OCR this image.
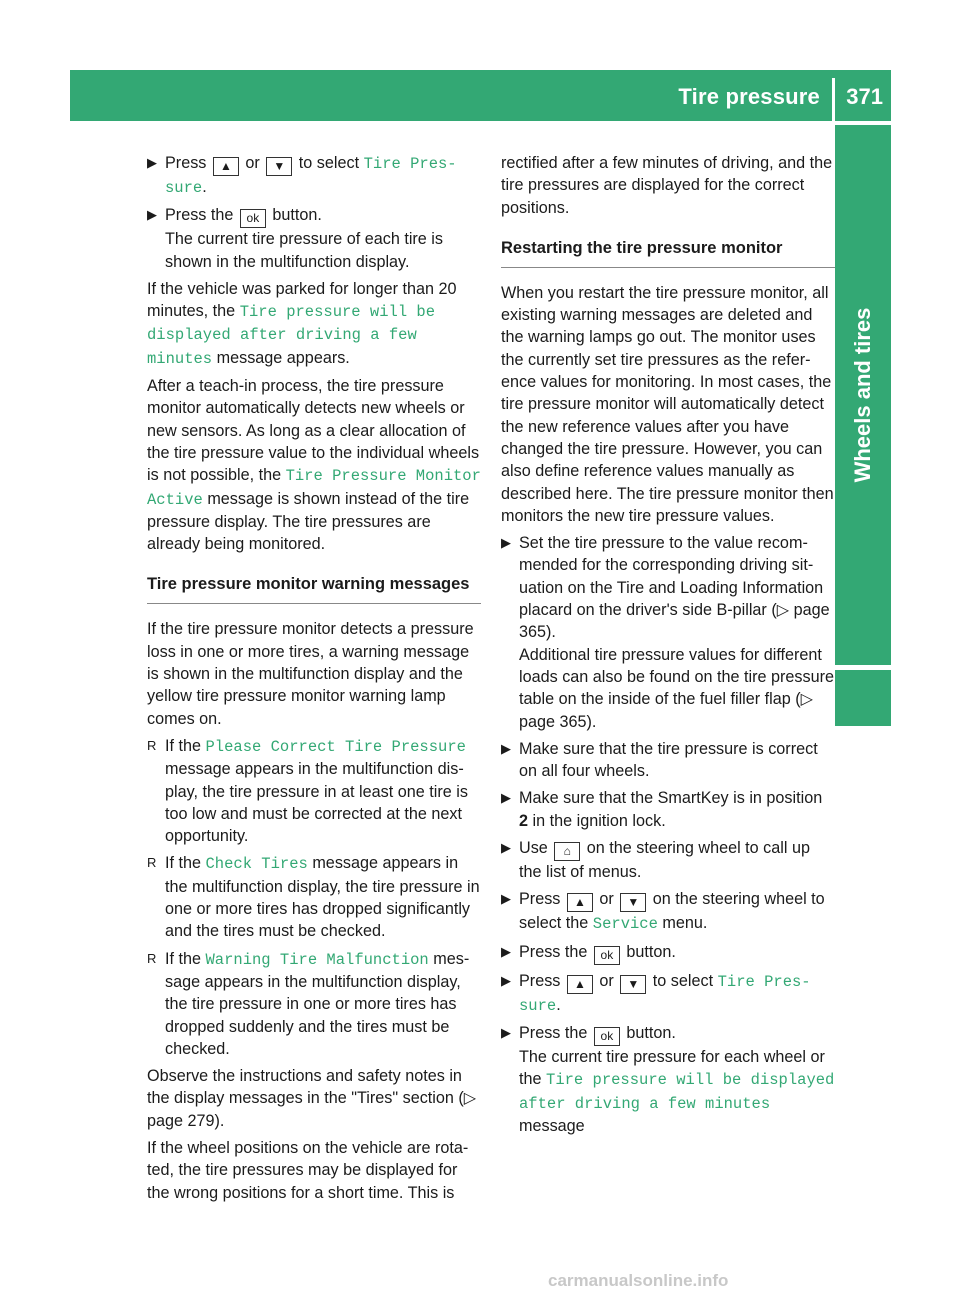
Tire pressure 371
Wheels and tires
▶ Press ▲ or ▼ to select Tire Pres‐ sure.
▶ Press the ok button.
The current tire pressure of each tire is shown in the multifunction display.

If the vehicle was parked for longer than 20 minutes, the Tire pressure will be displayed after driving a few minutes message appears.

After a teach-in process, the tire pressure monitor automatically detects new wheels or new sensors. As long as a clear allocation of the tire pressure value to the individual wheels is not possible, the Tire Pressure Monitor Active message is shown instead of the tire pressure display. The tire pressures are already being monitored.

Tire pressure monitor warning messages

If the tire pressure monitor detects a pressure loss in one or more tires, a warning message is shown in the multifunction display and the yellow tire pressure monitor warning lamp comes on.

R If the Please Correct Tire Pressure message appears in the multifunction display, the tire pressure in at least one tire is too low and must be corrected at the next opportunity.
R If the Check Tires message appears in the multifunction display, the tire pressure in one or more tires has dropped significantly and the tires must be checked.
R If the Warning Tire Malfunction message appears in the multifunction display, the tire pressure in one or more tires has dropped suddenly and the tires must be checked.

Observe the instructions and safety notes in the display messages in the "Tires" section (▷ page 279).

If the wheel positions on the vehicle are rotated, the tire pressures may be displayed for the wrong positions for a short time. This is

rectified after a few minutes of driving, and the tire pressures are displayed for the correct positions.

Restarting the tire pressure monitor

When you restart the tire pressure monitor, all existing warning messages are deleted and the warning lamps go out. The monitor uses the currently set tire pressures as the reference values for monitoring. In most cases, the tire pressure monitor will automatically detect the new reference values after you have changed the tire pressure. However, you can also define reference values manually as described here. The tire pressure monitor then monitors the new tire pressure values.

▶ Set the tire pressure to the value recommended for the corresponding driving situation on the Tire and Loading Information placard on the driver's side B-pillar (▷ page 365).
Additional tire pressure values for different loads can also be found on the tire pressure table on the inside of the fuel filler flap (▷ page 365).
▶ Make sure that the tire pressure is correct on all four wheels.
▶ Make sure that the SmartKey is in position 2 in the ignition lock.
▶ Use ⌂ on the steering wheel to call up the list of menus.
▶ Press ▲ or ▼ on the steering wheel to select the Service menu.
▶ Press the ok button.
▶ Press ▲ or ▼ to select Tire Pres‐ sure.
▶ Press the ok button.
The current tire pressure for each wheel or the Tire pressure will be displayed after driving a few minutes message
carmanualsonline.info
